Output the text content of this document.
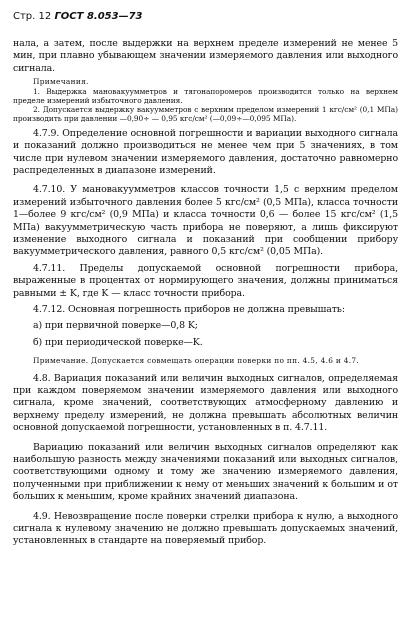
Стр. 12 ГОСТ 8.053—73

нала, а затем, после выдержки на верхнем пределе измерений не менее 5 мин, при плавно убывающем значении измеряемого давления или выходного сигнала.

Примечания.

1. Выдержка мановакуумметров и тягонапоромеров производится только на верхнем пределе измерений избыточного давления.

2. Допускается выдержку вакуумметров с верхним пределом измерений 1 кгс/см² (0,1 МПа) производить при давлении —0,90÷ — 0,95 кгс/см² (—0,09÷—0,095 МПа).

4.7.9. Определение основной погрешности и вариации выходного сигнала и показаний должно производиться не менее чем при 5 значениях, в том числе при нулевом значении измеряемого давления, достаточно равномерно распределенных в диапазоне измерений.

4.7.10. У мановакуумметров классов точности 1,5 с верхним пределом измерений избыточного давления более 5 кгс/см² (0,5 МПа), класса точности 1—более 9 кгс/см² (0,9 МПа) и класса точности 0,6 — более 15 кгс/см² (1,5 МПа) вакуумметрическую часть прибора не поверяют, а лишь фиксируют изменение выходного сигнала и показаний при сообщении прибору вакуумметрического давления, равного 0,5 кгс/см² (0,05 МПа).

4.7.11. Пределы допускаемой основной погрешности прибора, выраженные в процентах от нормирующего значения, должны приниматься равными ± K, где K — класс точности прибора.

4.7.12. Основная погрешность приборов не должна превышать:

а) при первичной поверке—0,8 K;

б) при периодической поверке—K.

Примечание. Допускается совмещать операции поверки по пп. 4.5, 4.6 и 4.7.

4.8. Вариация показаний или величин выходных сигналов, определяемая при каждом поверяемом значении измеряемого давления или выходного сигнала, кроме значений, соответствующих атмосферному давлению и верхнему пределу измерений, не должна превышать абсолютных величин основной допускаемой погрешности, установленных в п. 4.7.11.

Вариацию показаний или величин выходных сигналов определяют как наибольшую разность между значениями показаний или выходных сигналов, соответствующими одному и тому же значению измеряемого давления, полученными при приближении к нему от меньших значений к большим и от больших к меньшим, кроме крайних значений диапазона.

4.9. Невозвращение после поверки стрелки прибора к нулю, а выходного сигнала к нулевому значению не должно превышать допускаемых значений, установленных в стандарте на поверяемый прибор.
